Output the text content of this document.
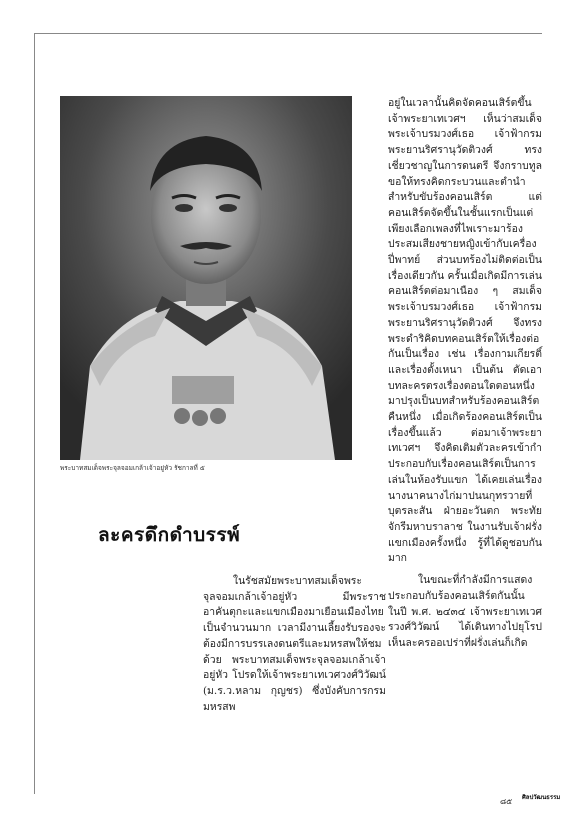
พระบาทสมเด็จพระจุลจอมเกล้าเจ้าอยู่หัว รัชกาลที่ ๕
ละครดึกดำบรรพ์

ในรัชสมัยพระบาทสมเด็จพระจุลจอมเกล้าเจ้าอยู่หัว มีพระราชอาคันตุกะและแขกเมืองมาเยือนเมืองไทยเป็นจำนวนมาก เวลามีงานเลี้ยงรับรองจะต้องมีการบรรเลงดนตรีและมหรสพให้ชมด้วย พระบาทสมเด็จพระจุลจอมเกล้าเจ้าอยู่หัว โปรดให้เจ้าพระยาเทเวศวงศ์วิวัฒน์ (ม.ร.ว.หลาม กุญชร) ซึ่งบังคับการกรมมหรสพ

อยู่ในเวลานั้นคิดจัดคอนเสิร์ตขึ้น เจ้าพระยาเทเวศฯ เห็นว่าสมเด็จพระเจ้าบรมวงศ์เธอ เจ้าฟ้ากรมพระยานริศรานุวัดติวงศ์ ทรงเชี่ยวชาญในการดนตรี จึงกราบทูลขอให้ทรงคิดกระบวนและตำนำสำหรับขับร้องคอนเสิร์ต แต่คอนเสิร์ตจัดขึ้นในชั้นแรกเป็นแต่เพียงเลือกเพลงที่ไพเราะมาร้องประสมเสียงชายหญิงเข้ากับเครื่องปี่พาทย์ ส่วนบทร้องไม่ติดต่อเป็นเรื่องเดียวกัน ครั้นเมื่อเกิดมีการเล่นคอนเสิร์ตต่อมาเนือง ๆ สมเด็จพระเจ้าบรมวงศ์เธอ เจ้าฟ้ากรมพระยานริศรานุวัดติวงศ์ จึงทรงพระดำริคิดบทคอนเสิร์ตให้เรื่องต่อกันเป็นเรื่อง เช่น เรื่องกามเกียรติ์ และเรื่องตั้งเหนา เป็นต้น ตัดเอาบทละครตรงเรื่องตอนใดตอนหนึ่งมาปรุงเป็นบทสำหรับร้องคอนเสิร์ต คืนหนึ่ง เมื่อเกิดร้องคอนเสิร์ตเป็นเรื่องขึ้นแล้ว ต่อมาเจ้าพระยาเทเวศฯ จึงคิดเติมตัวละครเข้ากำประกอบกับเรื่องคอนเสิร์ตเป็นการเล่นในห้องรับแขก ได้เคยเล่นเรื่องนางนาคนางไก่มาปนนกุทรวายที่บุตรละสัน ฝ่ายอะวันตก พระทัยจักรีมหาบราลาช ในงานรับเจ้าฝรั่งแขกเมืองครั้งหนึ่ง รู้ที่ได้ดูชอบกันมาก

ในขณะที่กำลังมีการแสดงประกอบกับร้องคอนเสิร์ตกันนั้น ในปี พ.ศ. ๒๔๓๔ เจ้าพระยาเทเวศรวงศ์วิวัฒน์ ได้เดินทางไปยุโรป เห็นละครออเปร่าที่ฝรั่งเล่นก็เกิด

๘๕ ศิลปวัฒนธรรม
